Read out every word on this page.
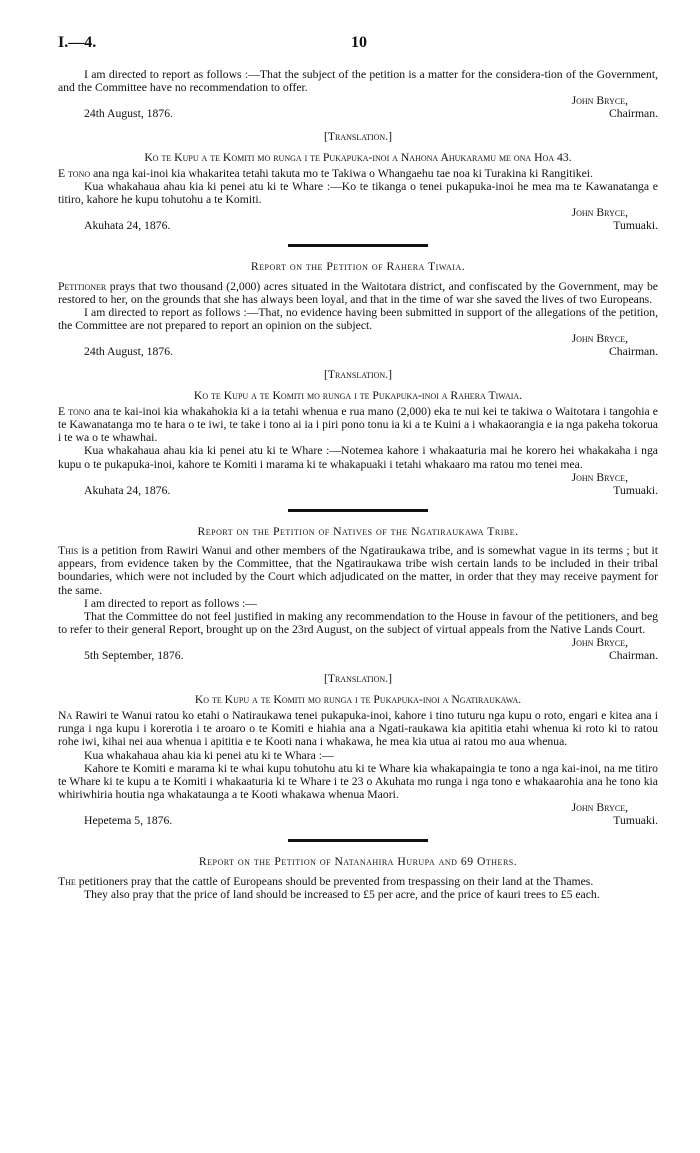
I.—4.	10

I am directed to report as follows :—That the subject of the petition is a matter for the considera-tion of the Government, and the Committee have no recommendation to offer.

John Bryce,
24th August, 1876.	Chairman.
[Translation.]
Ko te Kupu a te Komiti mo runga i te Pukapuka-inoi a Nahona Ahukaramu me ona Hoa 43.

E tono ana nga kai-inoi kia whakaritea tetahi takuta mo te Takiwa o Whangaehu tae noa ki Turakina ki Rangitikei.

Kua whakahaua ahau kia ki penei atu ki te Whare :—Ko te tikanga o tenei pukapuka-inoi he mea ma te Kawanatanga e titiro, kahore he kupu tohutohu a te Komiti.

John Bryce,
Akuhata 24, 1876.	Tumuaki.
Report on the Petition of Rahera Tiwaia.

Petitioner prays that two thousand (2,000) acres situated in the Waitotara district, and confiscated by the Government, may be restored to her, on the grounds that she has always been loyal, and that in the time of war she saved the lives of two Europeans.

I am directed to report as follows :—That, no evidence having been submitted in support of the allegations of the petition, the Committee are not prepared to report an opinion on the subject.

John Bryce,
24th August, 1876.	Chairman.
[Translation.]
Ko te Kupu a te Komiti mo runga i te Pukapuka-inoi a Rahera Tiwaia.

E tono ana te kai-inoi kia whakahokia ki a ia tetahi whenua e rua mano (2,000) eka te nui kei te takiwa o Waitotara i tangohia e te Kawanatanga mo te hara o te iwi, te take i tono ai ia i piri pono tonu ia ki a te Kuini a i whakaorangia e ia nga pakeha tokorua i te wa o te whawhai.

Kua whakahaua ahau kia ki penei atu ki te Whare :—Notemea kahore i whakaaturia mai he korero hei whakakaha i nga kupu o te pukapuka-inoi, kahore te Komiti i marama ki te whakapuaki i tetahi whakaaro ma ratou mo tenei mea.

John Bryce,
Akuhata 24, 1876.	Tumuaki.
Report on the Petition of Natives of the Ngatiraukawa Tribe.

This is a petition from Rawiri Wanui and other members of the Ngatiraukawa tribe, and is somewhat vague in its terms ; but it appears, from evidence taken by the Committee, that the Ngatiraukawa tribe wish certain lands to be included in their tribal boundaries, which were not included by the Court which adjudicated on the matter, in order that they may receive payment for the same.

I am directed to report as follows :—

That the Committee do not feel justified in making any recommendation to the House in favour of the petitioners, and beg to refer to their general Report, brought up on the 23rd August, on the subject of virtual appeals from the Native Lands Court.

John Bryce,
5th September, 1876.	Chairman.
[Translation.]
Ko te Kupu a te Komiti mo runga i te Pukapuka-inoi a Ngatiraukawa.

Na Rawiri te Wanui ratou ko etahi o Natiraukawa tenei pukapuka-inoi, kahore i tino tuturu nga kupu o roto, engari e kitea ana i runga i nga kupu i korerotia i te aroaro o te Komiti e hiahia ana a Ngati-raukawa kia apititia etahi whenua ki roto ki to ratou rohe iwi, kihai nei aua whenua i apititia e te Kooti nana i whakawa, he mea kia utua ai ratou mo aua whenua.

Kua whakahaua ahau kia ki penei atu ki te Whara :—

Kahore te Komiti e marama ki te whai kupu tohutohu atu ki te Whare kia whakapaingia te tono a nga kai-inoi, na me titiro te Whare ki te kupu a te Komiti i whakaaturia ki te Whare i te 23 o Akuhata mo runga i nga tono e whakaarohia ana he tono kia whiriwhiria houtia nga whakataunga a te Kooti whakawa whenua Maori.

John Bryce,
Hepetema 5, 1876.	Tumuaki.
Report on the Petition of Natanahira Hurupa and 69 Others.

The petitioners pray that the cattle of Europeans should be prevented from trespassing on their land at the Thames.

They also pray that the price of land should be increased to £5 per acre, and the price of kauri trees to £5 each.
